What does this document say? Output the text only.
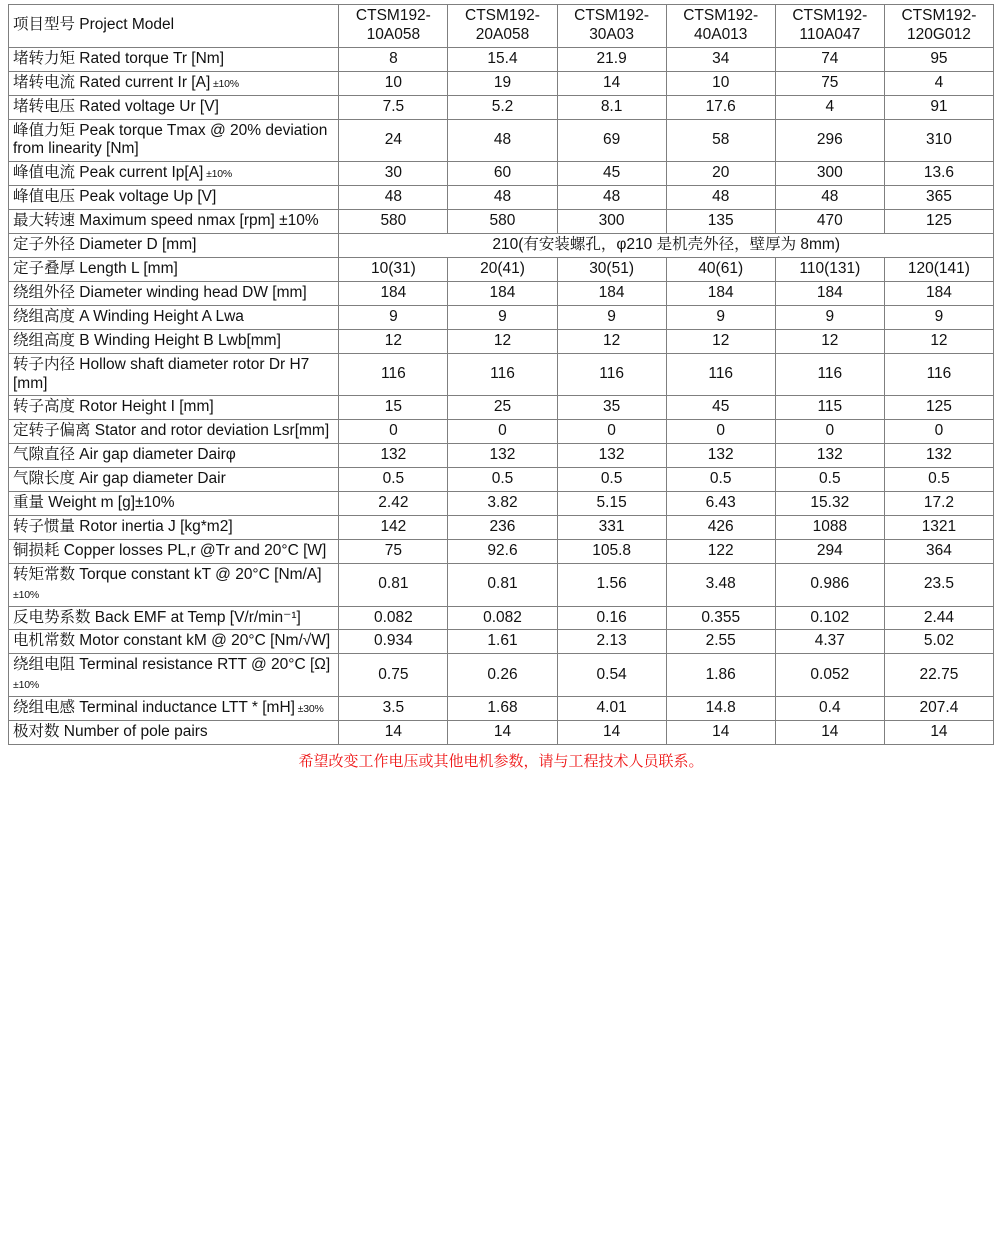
项目型号 Project Model	CTSM192-10A058	CTSM192-20A058	CTSM192-30A03	CTSM192-40A013	CTSM192-110A047	CTSM192-120G012
堵转力矩 Rated torque Tr [Nm]	8	15.4	21.9	34	74	95
堵转电流 Rated current Ir [A] ±10%	10	19	14	10	75	4
堵转电压 Rated voltage Ur [V]	7.5	5.2	8.1	17.6	4	91
峰值力矩 Peak torque Tmax @ 20% deviation from linearity [Nm]	24	48	69	58	296	310
峰值电流 Peak current Ip[A] ±10%	30	60	45	20	300	13.6
峰值电压 Peak voltage Up [V]	48	48	48	48	48	365
最大转速 Maximum speed nmax [rpm] ±10%	580	580	300	135	470	125
定子外径 Diameter D [mm]	210(有安装螺孔，φ210 是机壳外径，壁厚为 8mm)					
定子叠厚 Length L [mm]	10(31)	20(41)	30(51)	40(61)	110(131)	120(141)
绕组外径 Diameter winding head DW [mm]	184	184	184	184	184	184
绕组高度 A Winding Height A Lwa	9	9	9	9	9	9
绕组高度 B Winding Height B Lwb[mm]	12	12	12	12	12	12
转子内径 Hollow shaft diameter rotor Dr H7 [mm]	116	116	116	116	116	116
转子高度 Rotor Height I [mm]	15	25	35	45	115	125
定转子偏离 Stator and rotor deviation Lsr[mm]	0	0	0	0	0	0
气隙直径 Air gap diameter Dairφ	132	132	132	132	132	132
气隙长度 Air gap diameter Dair	0.5	0.5	0.5	0.5	0.5	0.5
重量 Weight m [g]±10%	2.42	3.82	5.15	6.43	15.32	17.2
转子惯量 Rotor inertia J [kg*m2]	142	236	331	426	1088	1321
铜损耗 Copper losses PL,r @Tr and 20°C [W]	75	92.6	105.8	122	294	364
转矩常数 Torque constant kT @ 20°C [Nm/A] ±10%	0.81	0.81	1.56	3.48	0.986	23.5
反电势系数 Back EMF at Temp [V/r/min⁻¹]	0.082	0.082	0.16	0.355	0.102	2.44
电机常数 Motor constant kM @ 20°C [Nm/√W]	0.934	1.61	2.13	2.55	4.37	5.02
绕组电阻 Terminal resistance RTT @ 20°C [Ω] ±10%	0.75	0.26	0.54	1.86	0.052	22.75
绕组电感 Terminal inductance LTT * [mH] ±30%	3.5	1.68	4.01	14.8	0.4	207.4
极对数 Number of pole pairs	14	14	14	14	14	14
希望改变工作电压或其他电机参数，请与工程技术人员联系。
